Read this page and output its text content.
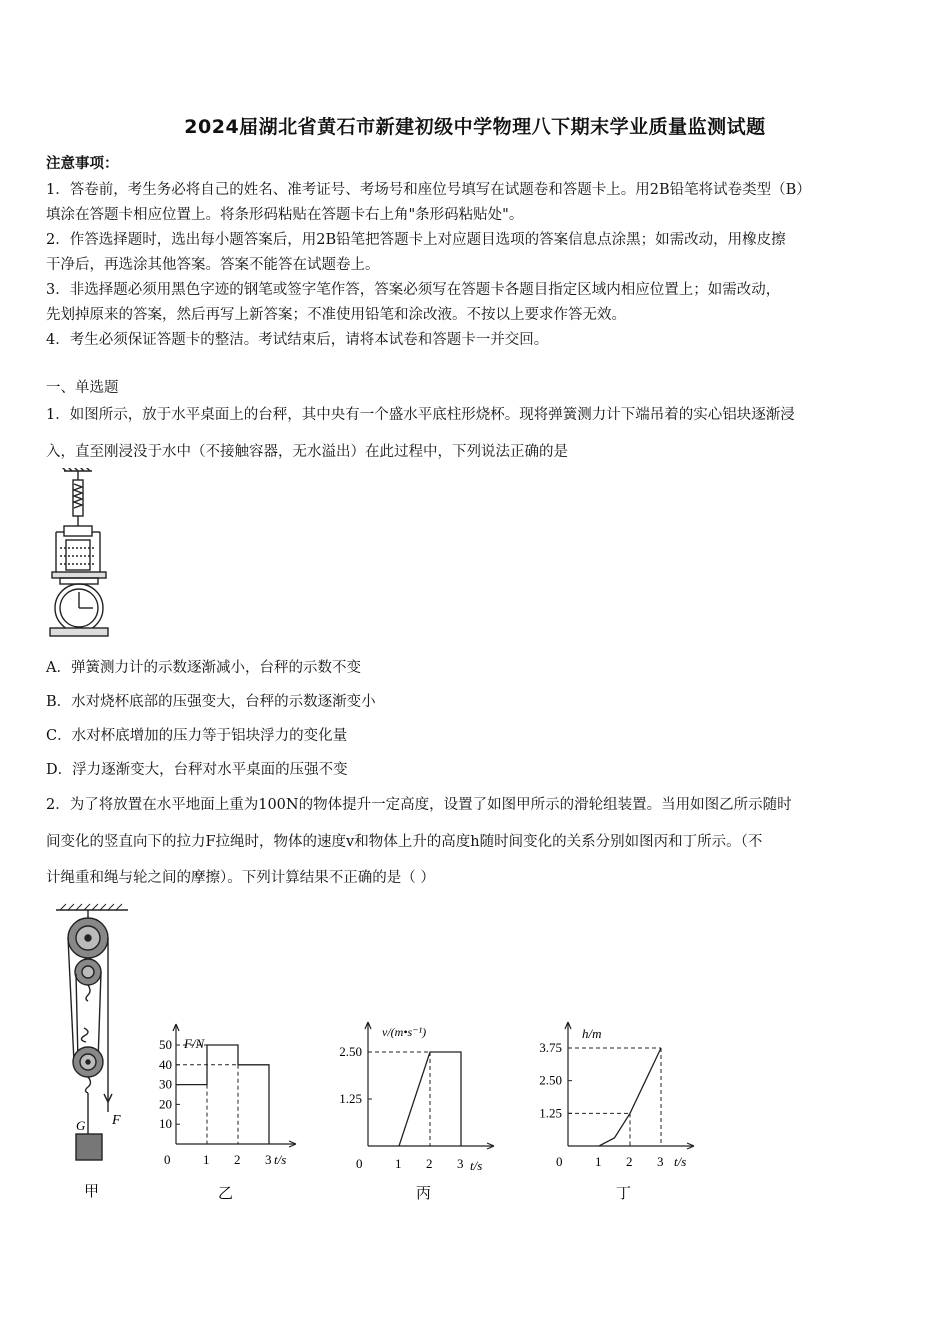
2024届湖北省黄石市新建初级中学物理八下期末学业质量监测试题
注意事项：
1．答卷前，考生务必将自己的姓名、准考证号、考场号和座位号填写在试题卷和答题卡上。用2B铅笔将试卷类型（B）
填涂在答题卡相应位置上。将条形码粘贴在答题卡右上角"条形码粘贴处"。
2．作答选择题时，选出每小题答案后，用2B铅笔把答题卡上对应题目选项的答案信息点涂黑；如需改动，用橡皮擦
干净后，再选涂其他答案。答案不能答在试题卷上。
3．非选择题必须用黑色字迹的钢笔或签字笔作答，答案必须写在答题卡各题目指定区域内相应位置上；如需改动，
先划掉原来的答案，然后再写上新答案；不准使用铅笔和涂改液。不按以上要求作答无效。
4．考生必须保证答题卡的整洁。考试结束后，请将本试卷和答题卡一并交回。
一、单选题
1．如图所示，放于水平桌面上的台秤，其中央有一个盛水平底柱形烧杯。现将弹簧测力计下端吊着的实心铝块逐渐浸
入，直至刚浸没于水中（不接触容器，无水溢出）在此过程中，下列说法正确的是
A．弹簧测力计的示数逐渐减小，台秤的示数不变
B．水对烧杯底部的压强变大，台秤的示数逐渐变小
C．水对杯底增加的压力等于铝块浮力的变化量
D．浮力逐渐变大，台秤对水平桌面的压强不变
2．为了将放置在水平地面上重为100N的物体提升一定高度，设置了如图甲所示的滑轮组装置。当用如图乙所示随时
间变化的竖直向下的拉力F拉绳时，物体的速度v和物体上升的高度h随时间变化的关系分别如图丙和丁所示。（不
计绳重和绳与轮之间的摩擦）。下列计算结果不正确的是（ ）
F
G
甲
0	1 2 3
10
20
30
40
50 F/N
t/s
乙
0	1 2 3
1.25
2.50
v/(m•s⁻¹)
t/s
丙
0	1 2 3
1.25
2.50
3.75
h/m
t/s
丁
